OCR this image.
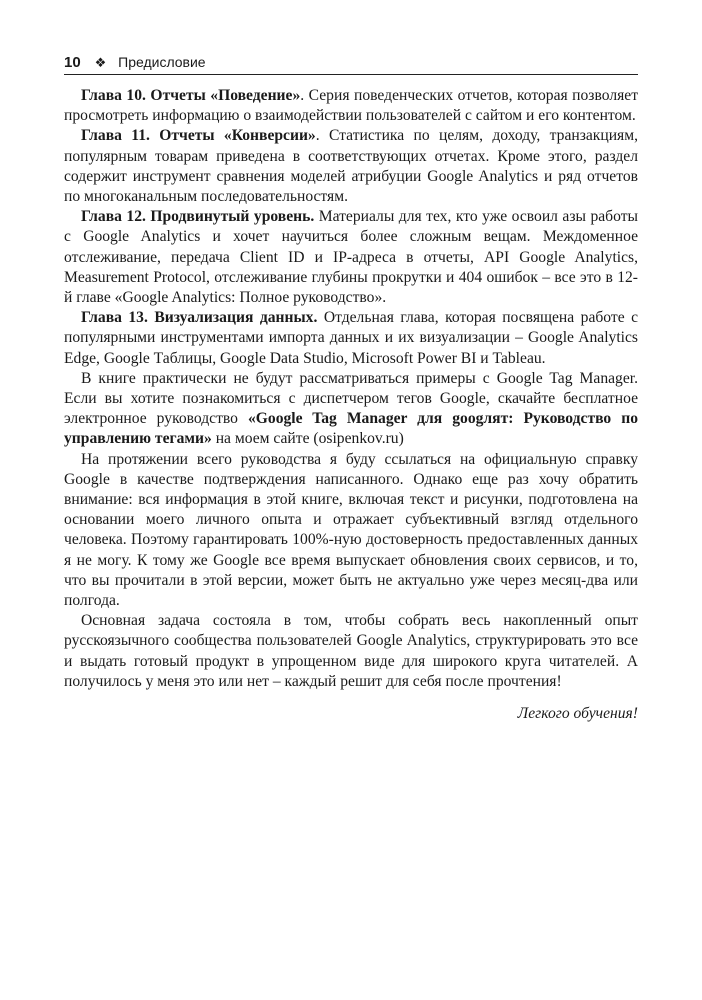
10 ❖ Предисловие

Глава 10. Отчеты «Поведение». Серия поведенческих отчетов, которая позволяет просмотреть информацию о взаимодействии пользователей с сайтом и его контентом.

Глава 11. Отчеты «Конверсии». Статистика по целям, доходу, транзакциям, популярным товарам приведена в соответствующих отчетах. Кроме этого, раздел содержит инструмент сравнения моделей атрибуции Google Analytics и ряд отчетов по многоканальным последовательностям.

Глава 12. Продвинутый уровень. Материалы для тех, кто уже освоил азы работы с Google Analytics и хочет научиться более сложным вещам. Междоменное отслеживание, передача Client ID и IP-адреса в отчеты, API Google Analytics, Measurement Protocol, отслеживание глубины прокрутки и 404 ошибок – все это в 12-й главе «Google Analytics: Полное руководство».

Глава 13. Визуализация данных. Отдельная глава, которая посвящена работе с популярными инструментами импорта данных и их визуализации – Google Analytics Edge, Google Таблицы, Google Data Studio, Microsoft Power BI и Tableau.

В книге практически не будут рассматриваться примеры с Google Tag Manager. Если вы хотите познакомиться с диспетчером тегов Google, скачайте бесплатное электронное руководство «Google Tag Manager для googлят: Руководство по управлению тегами» на моем сайте (osipenkov.ru)

На протяжении всего руководства я буду ссылаться на официальную справку Google в качестве подтверждения написанного. Однако еще раз хочу обратить внимание: вся информация в этой книге, включая текст и рисунки, подготовлена на основании моего личного опыта и отражает субъективный взгляд отдельного человека. Поэтому гарантировать 100%-ную достоверность предоставленных данных я не могу. К тому же Google все время выпускает обновления своих сервисов, и то, что вы прочитали в этой версии, может быть не актуально уже через месяц-два или полгода.

Основная задача состояла в том, чтобы собрать весь накопленный опыт русскоязычного сообщества пользователей Google Analytics, структурировать это все и выдать готовый продукт в упрощенном виде для широкого круга читателей. А получилось у меня это или нет – каждый решит для себя после прочтения!

Легкого обучения!
